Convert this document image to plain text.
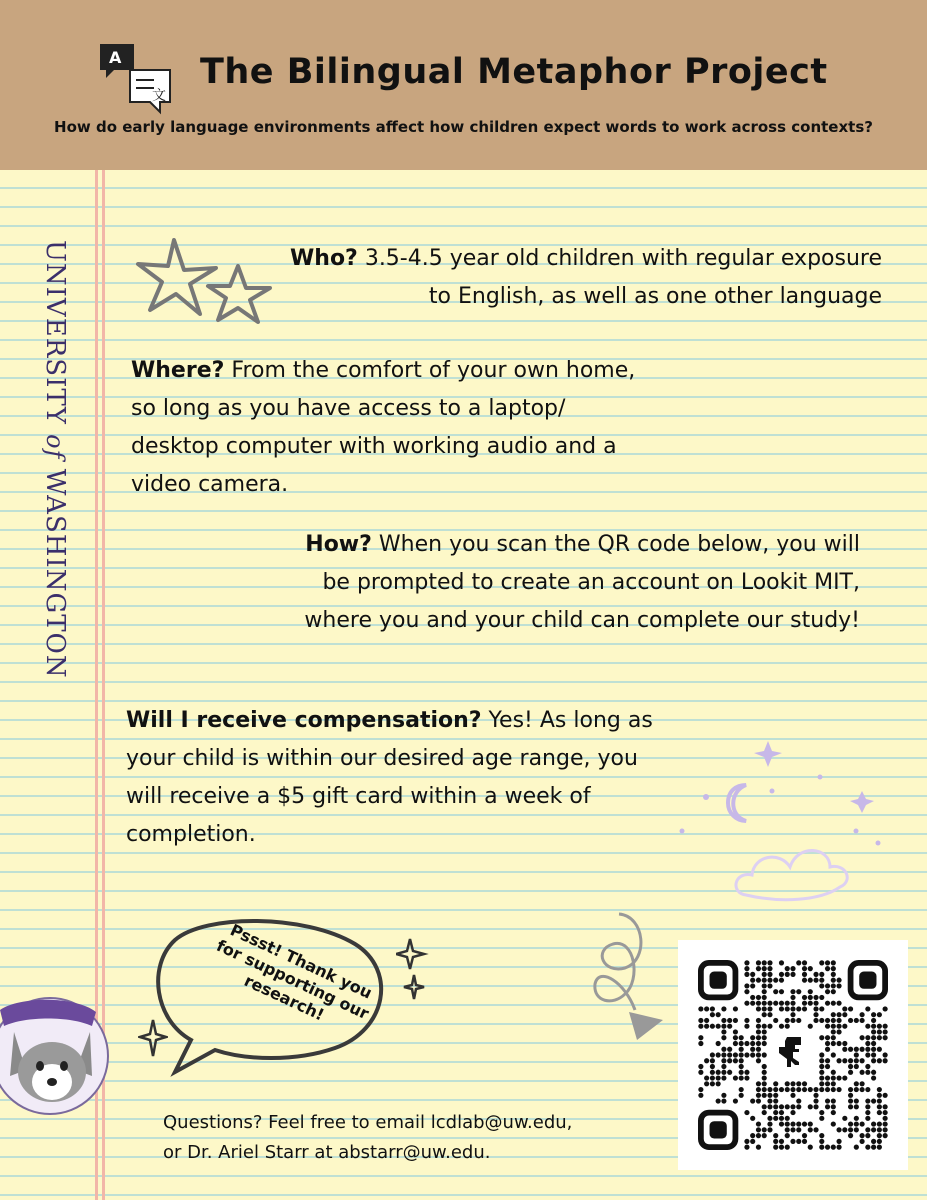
A
文
The Bilingual Metaphor Project
How do early language environments affect how children expect words to work across contexts?
UNIVERSITY of WASHINGTON
Who? 3.5-4.5 year old children with regular exposure to English, as well as one other language
Where? From the comfort of your own home, so long as you have access to a laptop/ desktop computer with working audio and a video camera.
How? When you scan the QR code below, you will be prompted to create an account on Lookit MIT, where you and your child can complete our study!
Will I receive compensation? Yes! As long as your child is within our desired age range, you will receive a $5 gift card within a week of completion.
Pssst! Thank you for supporting our research!
Questions? Feel free to email lcdlab@uw.edu,
or Dr. Ariel Starr at abstarr@uw.edu.
